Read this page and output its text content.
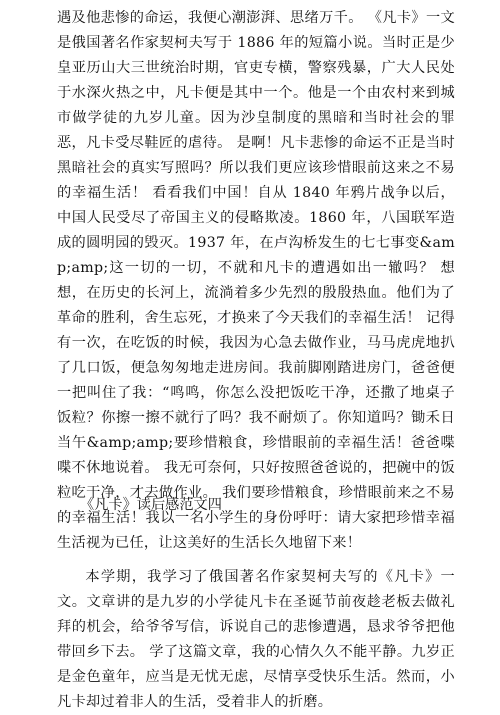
遇及他悲惨的命运，我便心潮澎湃、思绪万千。 《凡卡》一文是俄国著名作家契柯夫写于 1886 年的短篇小说。当时正是少皇亚历山大三世统治时期，官吏专横，警察残暴，广大人民处于水深火热之中，凡卡便是其中一个。他是一个由农村来到城市做学徒的九岁儿童。因为沙皇制度的黑暗和当时社会的罪恶，凡卡受尽鞋匠的虐待。 是啊！凡卡悲惨的命运不正是当时黑暗社会的真实写照吗？所以我们更应该珍惜眼前这来之不易的幸福生活！ 看看我们中国！自从 1840 年鸦片战争以后，中国人民受尽了帝国主义的侵略欺凌。1860 年，八国联军造成的圆明园的毁灭。1937 年，在卢沟桥发生的七七事变&amp;amp;这一切的一切，不就和凡卡的遭遇如出一辙吗？ 想想，在历史的长河上，流淌着多少先烈的殷殷热血。他们为了革命的胜利，舍生忘死，才换来了今天我们的幸福生活！ 记得有一次，在吃饭的时候，我因为心急去做作业，马马虎虎地扒了几口饭，便急匆匆地走进房间。我前脚刚踏进房门，爸爸便一把叫住了我：“鸣鸣，你怎么没把饭吃干净，还撒了地桌子饭粒？你擦一擦不就行了吗？我不耐烦了。你知道吗？锄禾日当午&amp;amp;要珍惜粮食，珍惜眼前的幸福生活！爸爸喋喋不休地说着。 我无可奈何，只好按照爸爸说的，把碗中的饭粒吃干净，才去做作业。 我们要珍惜粮食，珍惜眼前来之不易的幸福生活！我以一名小学生的身份呼吁：请大家把珍惜幸福生活视为已任，让这美好的生活长久地留下来！

《凡卡》读后感范文四

本学期，我学习了俄国著名作家契柯夫写的《凡卡》一文。文章讲的是九岁的小学徒凡卡在圣诞节前夜趁老板去做礼拜的机会，给爷爷写信，诉说自己的悲惨遭遇，恳求爷爷把他带回乡下去。 学了这篇文章，我的心情久久不能平静。九岁正是金色童年，应当是无忧无虑，尽情享受快乐生活。然而，小凡卡却过着非人的生活，受着非人的折磨。
